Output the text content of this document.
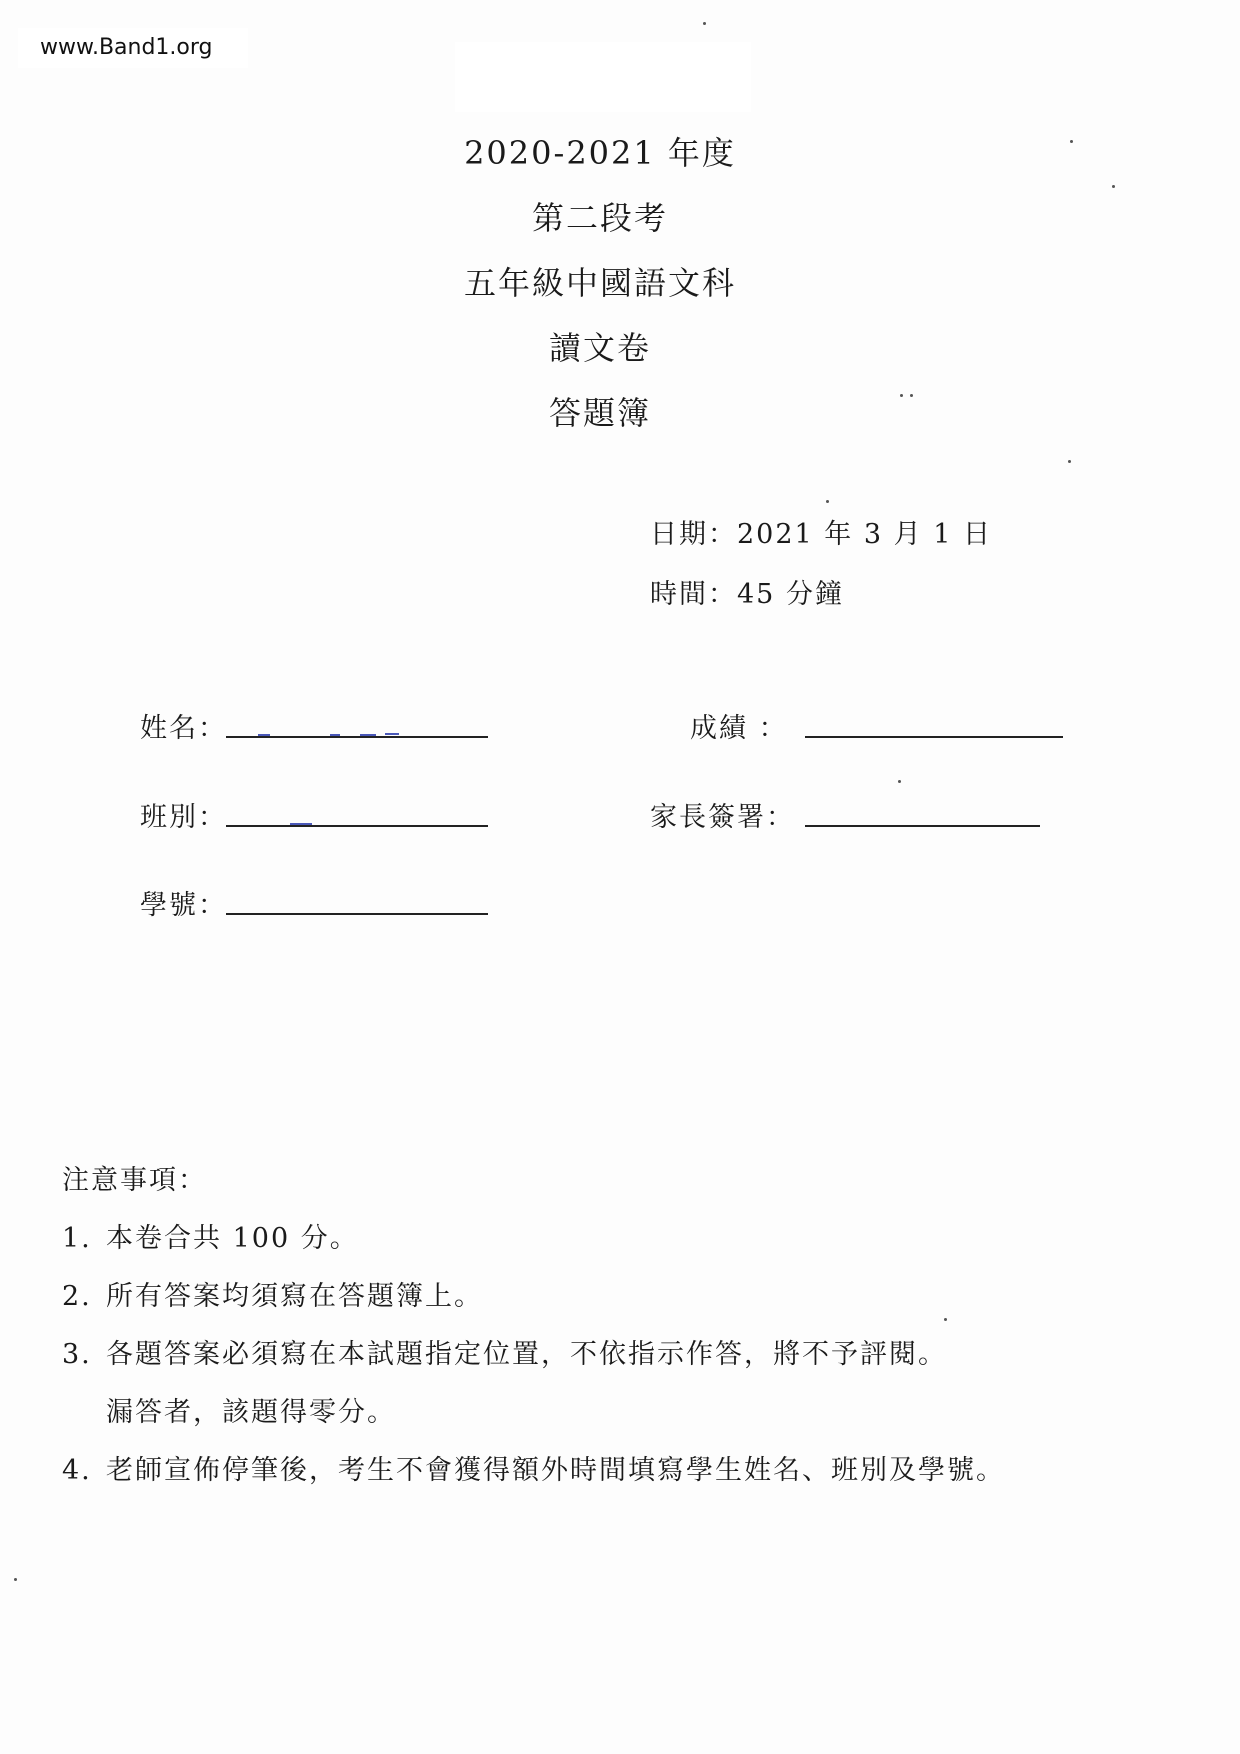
www.Band1.org
2020-2021 年度
第二段考
五年級中國語文科
讀文卷
答題簿
日期：2021 年 3 月 1 日
時間：45 分鐘
姓名：
班別：
學號：
成績 ：
家長簽署：
注意事項：
1. 本卷合共 100 分。
2. 所有答案均須寫在答題簿上。
3. 各題答案必須寫在本試題指定位置，不依指示作答，將不予評閱。
漏答者，該題得零分。
4. 老師宣佈停筆後，考生不會獲得額外時間填寫學生姓名、班別及學號。
